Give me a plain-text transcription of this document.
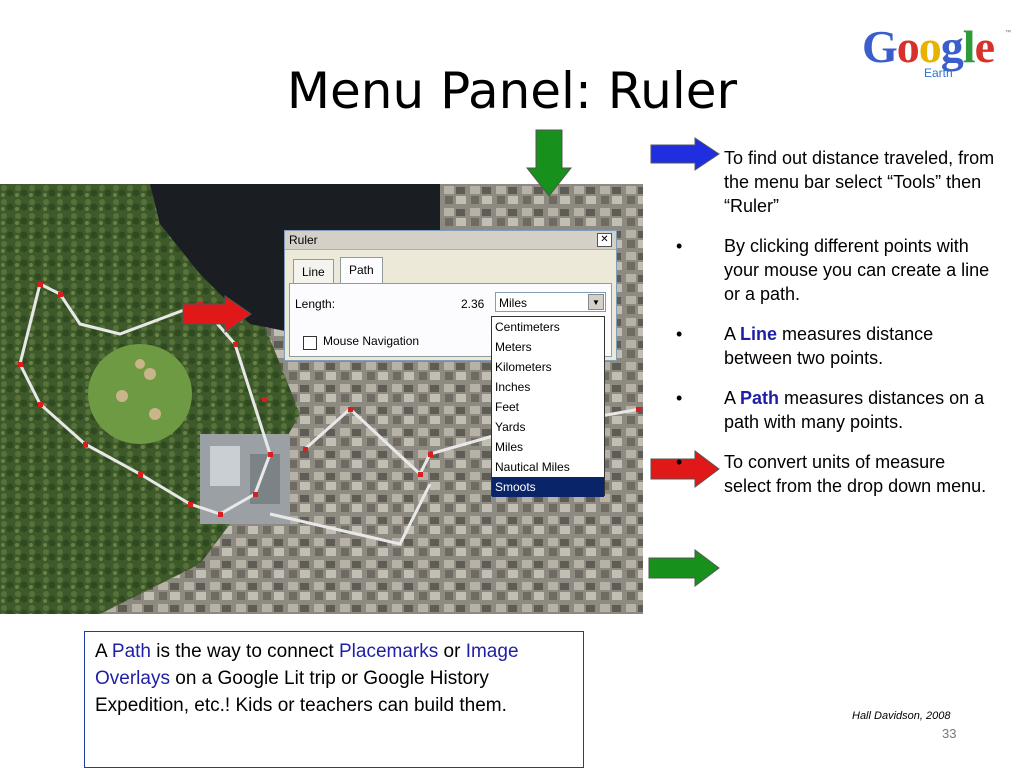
Menu Panel: Ruler
Google
Earth
™
Ruler	✕
Line	Path
Length:	2.36 Miles	▼
Mouse Navigation
Centimeters
Meters
Kilometers
Inches
Feet
Yards
Miles
Nautical Miles
Smoots
To find out distance traveled, from the menu bar select “Tools” then “Ruler”
• By clicking different points with your mouse you can create a line or a path.
• A Line measures distance between two points.
• A Path measures distances on a path with many points.
• To convert units of measure select from the drop down menu.
A Path is the way to connect Placemarks or Image Overlays on a Google Lit trip or Google History Expedition, etc.! Kids or teachers can build them.	Hall Davidson, 2008
33
